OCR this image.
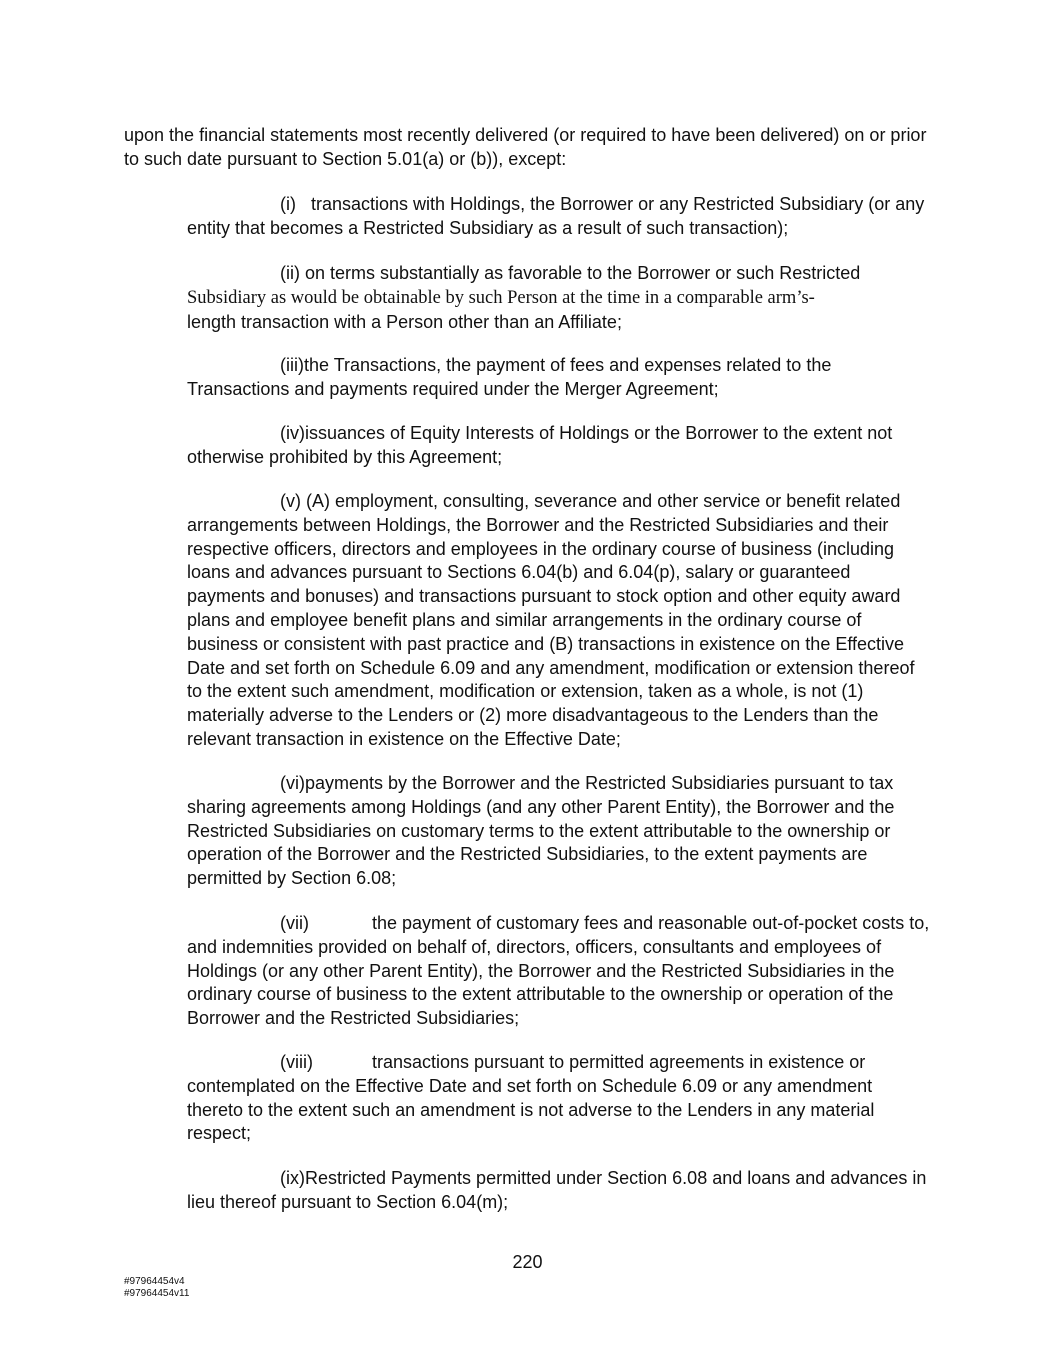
upon the financial statements most recently delivered (or required to have been delivered) on or prior to such date pursuant to Section 5.01(a) or (b)), except:

(i) transactions with Holdings, the Borrower or any Restricted Subsidiary (or any entity that becomes a Restricted Subsidiary as a result of such transaction);

(ii) on terms substantially as favorable to the Borrower or such Restricted
Subsidiary as would be obtainable by such Person at the time in a comparable arm’s-
length transaction with a Person other than an Affiliate;

(iii)the Transactions, the payment of fees and expenses related to the Transactions and payments required under the Merger Agreement;

(iv)issuances of Equity Interests of Holdings or the Borrower to the extent not otherwise prohibited by this Agreement;

(v) (A) employment, consulting, severance and other service or benefit related arrangements between Holdings, the Borrower and the Restricted Subsidiaries and their respective officers, directors and employees in the ordinary course of business (including loans and advances pursuant to Sections 6.04(b) and 6.04(p), salary or guaranteed payments and bonuses) and transactions pursuant to stock option and other equity award plans and employee benefit plans and similar arrangements in the ordinary course of business or consistent with past practice and (B) transactions in existence on the Effective Date and set forth on Schedule 6.09 and any amendment, modification or extension thereof to the extent such amendment, modification or extension, taken as a whole, is not (1) materially adverse to the Lenders or (2) more disadvantageous to the Lenders than the relevant transaction in existence on the Effective Date;

(vi)payments by the Borrower and the Restricted Subsidiaries pursuant to tax sharing agreements among Holdings (and any other Parent Entity), the Borrower and the Restricted Subsidiaries on customary terms to the extent attributable to the ownership or operation of the Borrower and the Restricted Subsidiaries, to the extent payments are permitted by Section 6.08;

(vii)	the payment of customary fees and reasonable out-of-pocket costs to, and indemnities provided on behalf of, directors, officers, consultants and employees of Holdings (or any other Parent Entity), the Borrower and the Restricted Subsidiaries in the ordinary course of business to the extent attributable to the ownership or operation of the Borrower and the Restricted Subsidiaries;

(viii)	transactions pursuant to permitted agreements in existence or contemplated on the Effective Date and set forth on Schedule 6.09 or any amendment thereto to the extent such an amendment is not adverse to the Lenders in any material respect;

(ix)Restricted Payments permitted under Section 6.08 and loans and advances in lieu thereof pursuant to Section 6.04(m);

220

#97964454v4
#97964454v11
